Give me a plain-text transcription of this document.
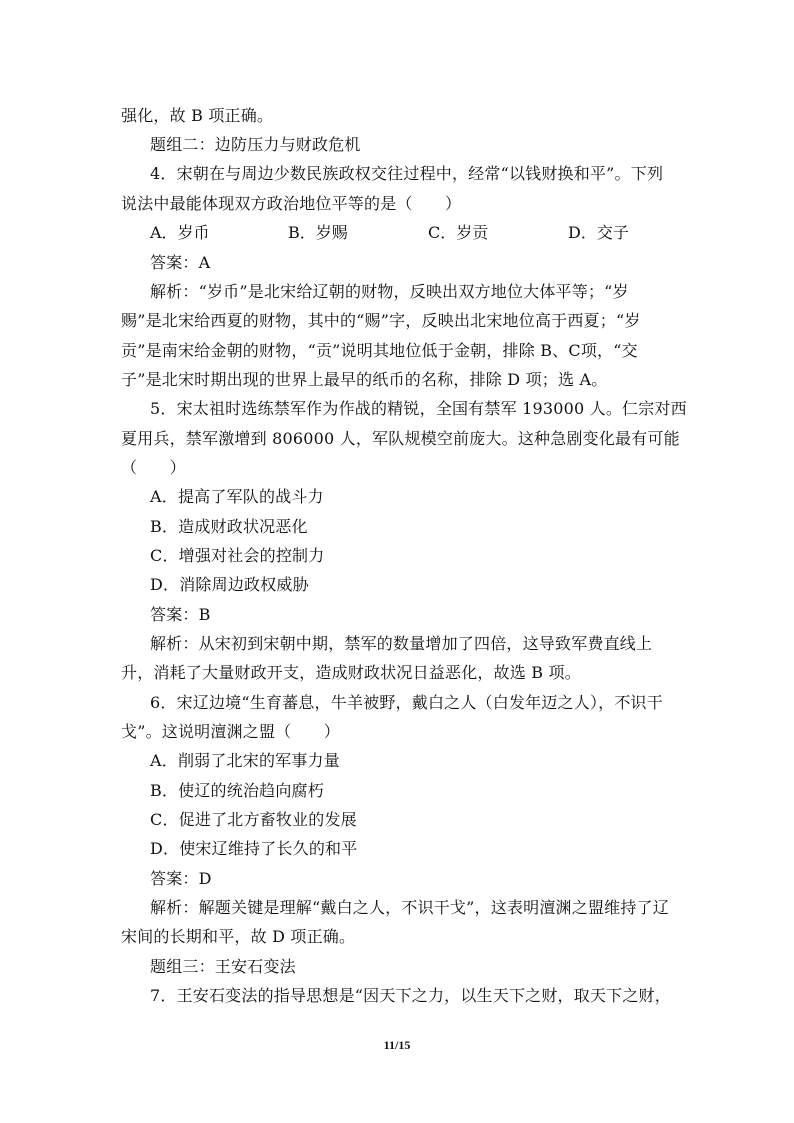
强化，故 B 项正确。
题组二：边防压力与财政危机
4．宋朝在与周边少数民族政权交往过程中，经常“以钱财换和平”。下列
说法中最能体现双方政治地位平等的是（　　）
A．岁币	B．岁赐	C．岁贡	D．交子
答案：A
解析：“岁币”是北宋给辽朝的财物，反映出双方地位大体平等；“岁
赐”是北宋给西夏的财物，其中的“赐”字，反映出北宋地位高于西夏；“岁
贡”是南宋给金朝的财物，“贡”说明其地位低于金朝，排除 B、C项，“交
子”是北宋时期出现的世界上最早的纸币的名称，排除 D 项；选 A。
5．宋太祖时选练禁军作为作战的精锐，全国有禁军 193000 人。仁宗对西
夏用兵，禁军激增到 806000 人，军队规模空前庞大。这种急剧变化最有可能
（　　）
A．提高了军队的战斗力
B．造成财政状况恶化
C．增强对社会的控制力
D．消除周边政权威胁
答案：B
解析：从宋初到宋朝中期，禁军的数量增加了四倍，这导致军费直线上
升，消耗了大量财政开支，造成财政状况日益恶化，故选 B 项。
6．宋辽边境“生育蕃息，牛羊被野，戴白之人（白发年迈之人），不识干
戈”。这说明澶渊之盟（　　）
A．削弱了北宋的军事力量
B．使辽的统治趋向腐朽
C．促进了北方畜牧业的发展
D．使宋辽维持了长久的和平
答案：D
解析：解题关键是理解“戴白之人，不识干戈”，这表明澶渊之盟维持了辽
宋间的长期和平，故 D 项正确。
题组三：王安石变法
7．王安石变法的指导思想是“因天下之力，以生天下之财，取天下之财，
11/15
